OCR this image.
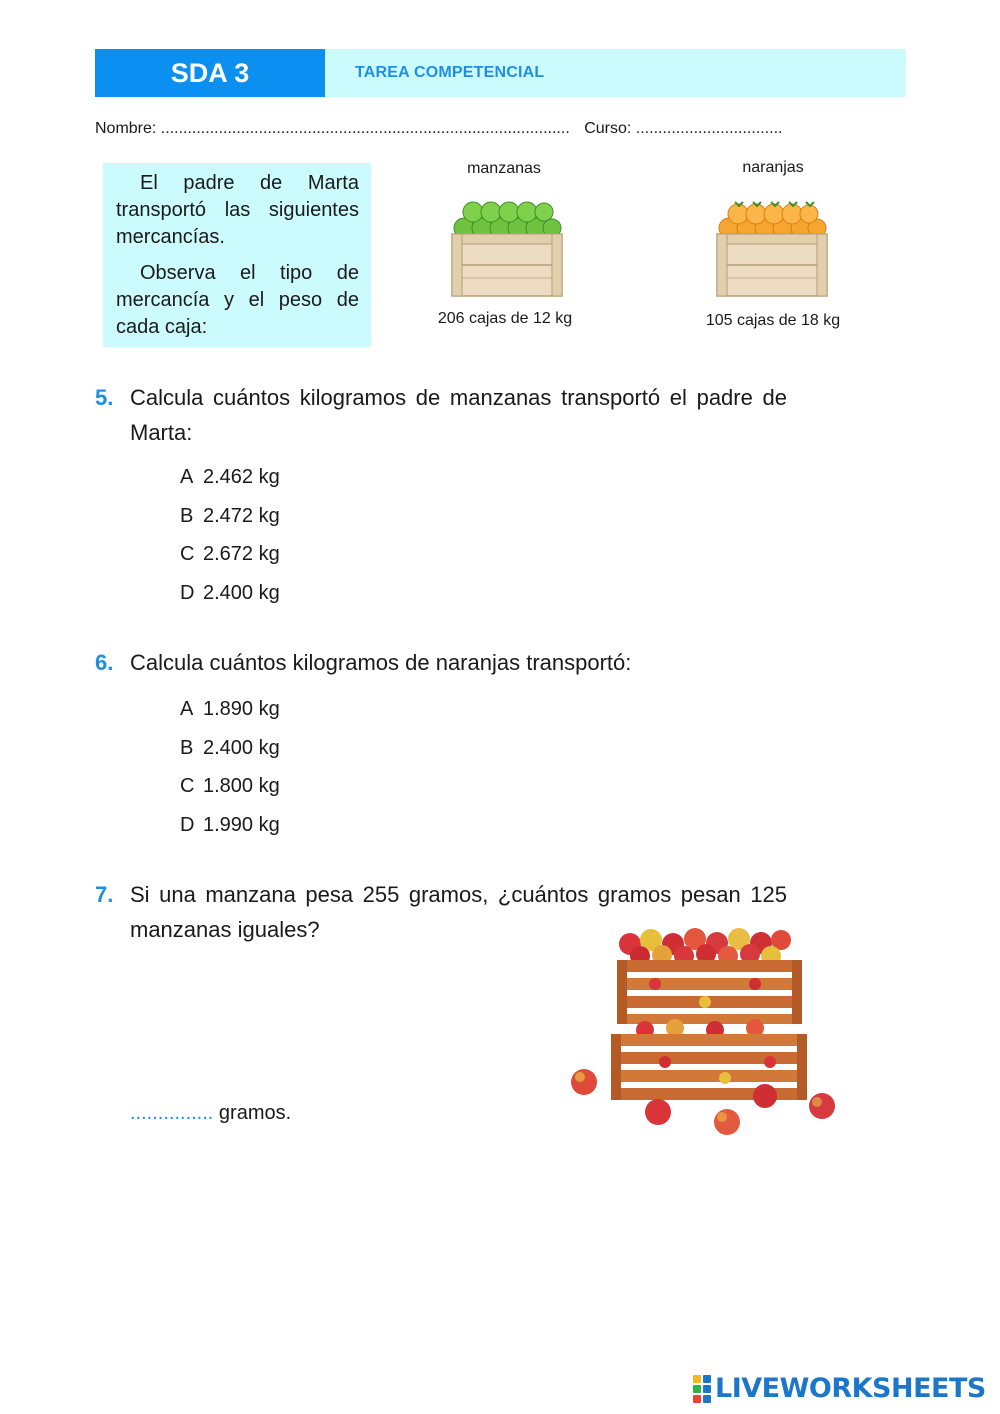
SDA 3	TAREA COMPETENCIAL
Nombre: ............................................................................................ Curso: .................................

El padre de Marta transportó las siguientes mercancías.

Observa el tipo de mercancía y el peso de cada caja:

manzanas
206 cajas de 12 kg
naranjas
105 cajas de 18 kg
5. Calcula cuántos kilogramos de manzanas transportó el padre de Marta:
A 2.462 kg
B 2.472 kg
C 2.672 kg
D 2.400 kg
6. Calcula cuántos kilogramos de naranjas transportó:
A 1.890 kg
B 2.400 kg
C 1.800 kg
D 1.990 kg
7. Si una manzana pesa 255 gramos, ¿cuántos gramos pesan 125 manzanas iguales?
............... gramos.
LIVEWORKSHEETS
